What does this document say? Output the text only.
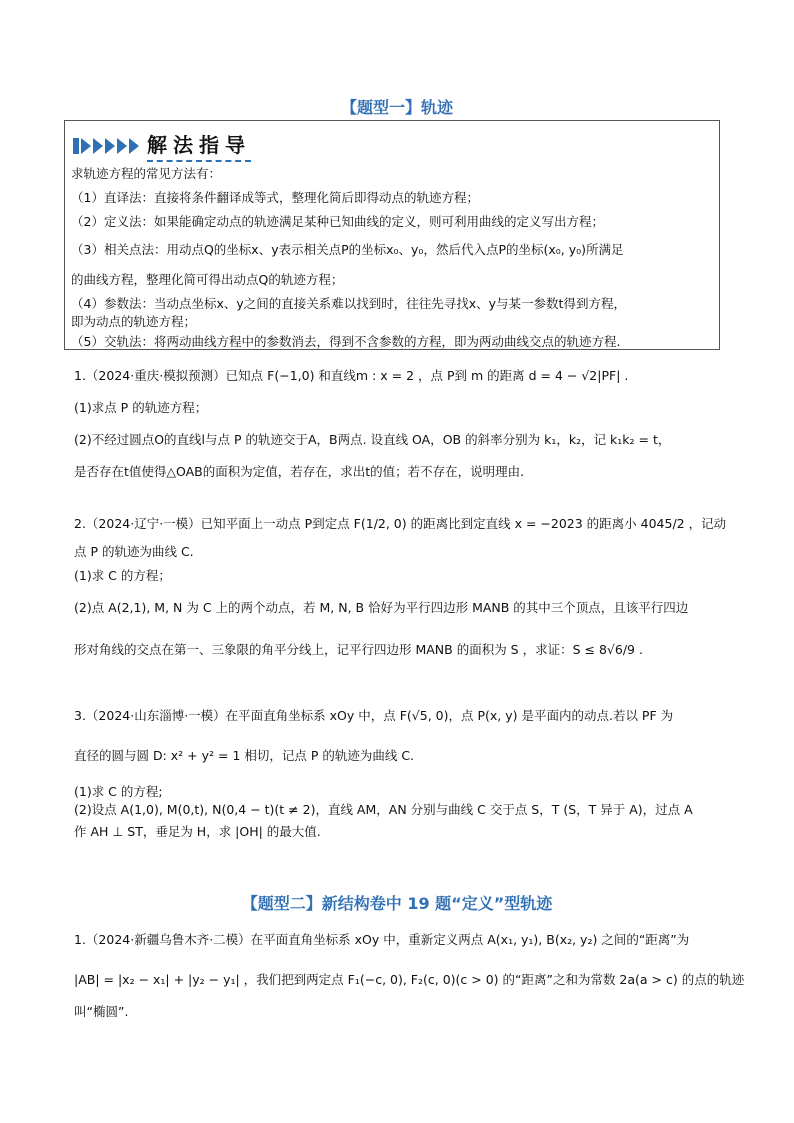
【题型一】轨迹
解法指导
求轨迹方程的常见方法有：
（1）直译法：直接将条件翻译成等式，整理化简后即得动点的轨迹方程；
（2）定义法：如果能确定动点的轨迹满足某种已知曲线的定义，则可利用曲线的定义写出方程；
（3）相关点法：用动点Q的坐标x、y表示相关点P的坐标x₀、y₀，然后代入点P的坐标(x₀, y₀)所满足
的曲线方程，整理化简可得出动点Q的轨迹方程；
（4）参数法：当动点坐标x、y之间的直接关系难以找到时，往往先寻找x、y与某一参数t得到方程，
即为动点的轨迹方程；
（5）交轨法：将两动曲线方程中的参数消去，得到不含参数的方程，即为两动曲线交点的轨迹方程.
1.（2024·重庆·模拟预测）已知点 F(−1,0) 和直线m : x = 2 ，点 P到 m 的距离 d = 4 − √2|PF| .
(1)求点 P 的轨迹方程；
(2)不经过圆点O的直线l与点 P 的轨迹交于A，B两点. 设直线 OA，OB 的斜率分别为 k₁，k₂，记 k₁k₂ = t，
是否存在t值使得△OAB的面积为定值，若存在，求出t的值；若不存在，说明理由.
2.（2024·辽宁·一模）已知平面上一动点 P到定点 F(1/2, 0) 的距离比到定直线 x = −2023 的距离小 4045/2 ，记动
点 P 的轨迹为曲线 C.
(1)求 C 的方程；
(2)点 A(2,1), M, N 为 C 上的两个动点，若 M, N, B 恰好为平行四边形 MANB 的其中三个顶点，且该平行四边
形对角线的交点在第一、三象限的角平分线上，记平行四边形 MANB 的面积为 S ，求证：S ≤ 8√6/9 .
3.（2024·山东淄博·一模）在平面直角坐标系 xOy 中，点 F(√5, 0)，点 P(x, y) 是平面内的动点.若以 PF 为
直径的圆与圆 D: x² + y² = 1 相切，记点 P 的轨迹为曲线 C.
(1)求 C 的方程;
(2)设点 A(1,0), M(0,t), N(0,4 − t)(t ≠ 2)，直线 AM，AN 分别与曲线 C 交于点 S，T (S，T 异于 A)，过点 A
作 AH ⊥ ST，垂足为 H，求 |OH| 的最大值.
【题型二】新结构卷中 19 题“定义”型轨迹
1.（2024·新疆乌鲁木齐·二模）在平面直角坐标系 xOy 中，重新定义两点 A(x₁, y₁), B(x₂, y₂) 之间的“距离”为
|AB| = |x₂ − x₁| + |y₂ − y₁| ，我们把到两定点 F₁(−c, 0), F₂(c, 0)(c > 0) 的“距离”之和为常数 2a(a > c) 的点的轨迹
叫“椭圆”.
